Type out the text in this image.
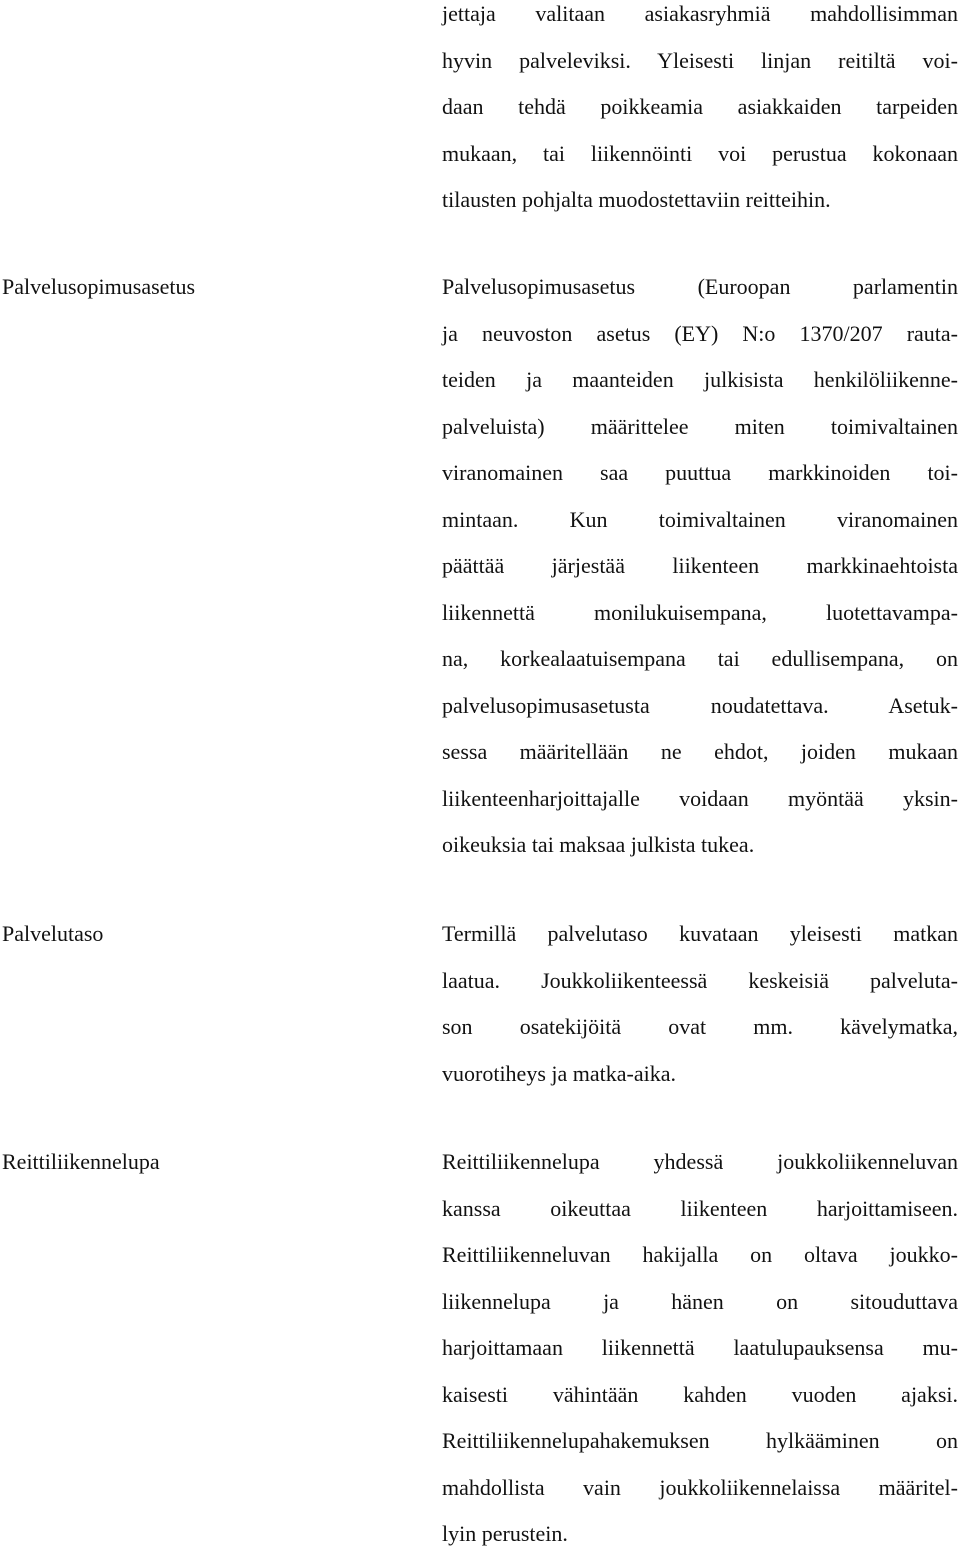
jettaja valitaan asiakasryhmiä mahdollisimman
hyvin palveleviksi. Yleisesti linjan reitiltä voi-
daan tehdä poikkeamia asiakkaiden tarpeiden
mukaan, tai liikennöinti voi perustua kokonaan
tilausten pohjalta muodostettaviin reitteihin.
Palvelusopimusasetus	Palvelusopimusasetus (Euroopan parlamentin
ja neuvoston asetus (EY) N:o 1370/207 rauta-
teiden ja maanteiden julkisista henkilöliikenne-
palveluista) määrittelee miten toimivaltainen
viranomainen saa puuttua markkinoiden toi-
mintaan. Kun toimivaltainen viranomainen
päättää järjestää liikenteen markkinaehtoista
liikennettä monilukuisempana, luotettavampa-
na, korkealaatuisempana tai edullisempana, on
palvelusopimusasetusta noudatettava. Asetuk-
sessa määritellään ne ehdot, joiden mukaan
liikenteenharjoittajalle voidaan myöntää yksin-
oikeuksia tai maksaa julkista tukea.
Palvelutaso	Termillä palvelutaso kuvataan yleisesti matkan
laatua. Joukkoliikenteessä keskeisiä palveluta-
son osatekijöitä ovat mm. kävelymatka,
vuorotiheys ja matka-aika.
Reittiliikennelupa	Reittiliikennelupa yhdessä joukkoliikenneluvan
kanssa oikeuttaa liikenteen harjoittamiseen.
Reittiliikenneluvan hakijalla on oltava joukko-
liikennelupa ja hänen on sitouduttava
harjoittamaan liikennettä laatulupauksensa mu-
kaisesti vähintään kahden vuoden ajaksi.
Reittiliikennelupahakemuksen hylkääminen on
mahdollista vain joukkoliikennelaissa määritel-
lyin perustein.
